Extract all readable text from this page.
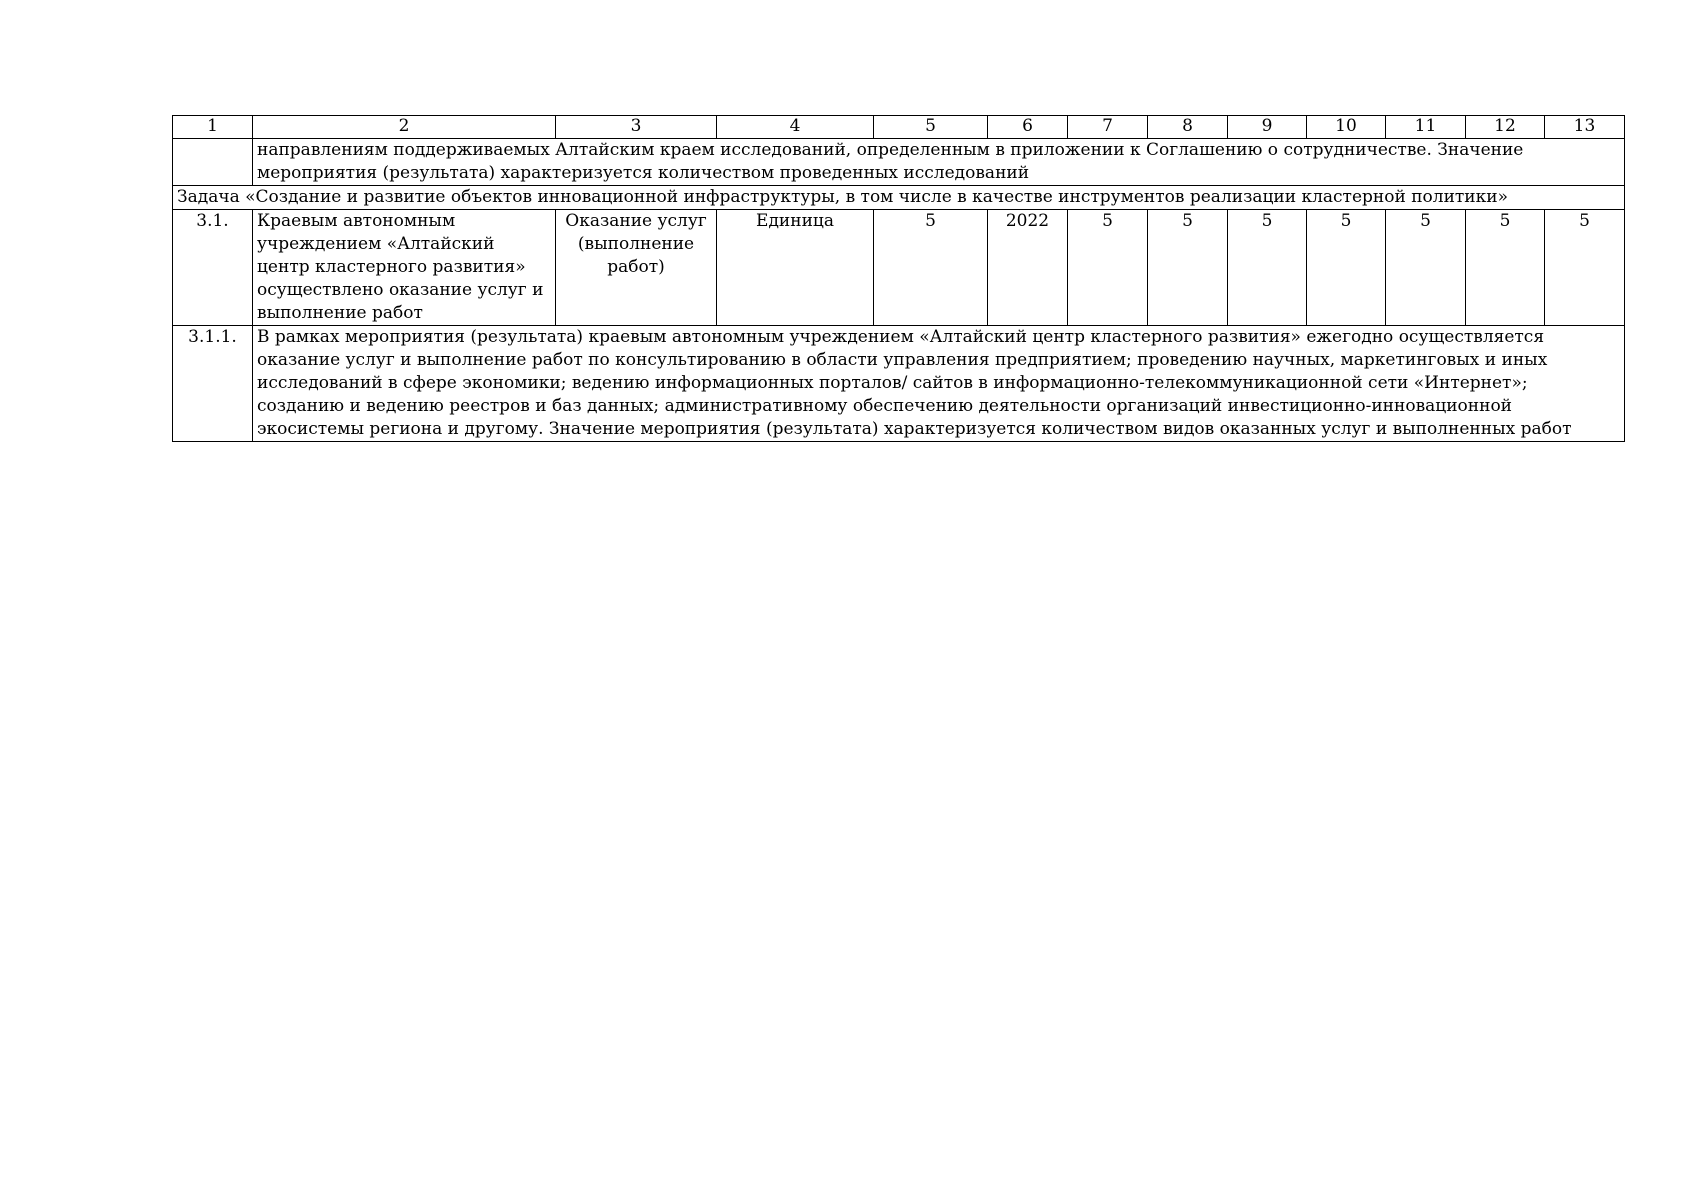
1	2	3	4	5	6	7	8	9	10	11	12	13
	направлениям поддерживаемых Алтайским краем исследований, определенным в приложении к Соглашению о сотрудничестве. Значение мероприятия (результата) характеризуется количеством проведенных исследований											
Задача «Создание и развитие объектов инновационной инфраструктуры, в том числе в качестве инструментов реализации кластерной политики»												
3.1.	Краевым автономным учреждением «Алтайский центр кластерного развития» осуществлено оказание услуг и выполнение работ	Оказание услуг (выполнение работ)	Единица	5	2022	5	5	5	5	5	5	5
3.1.1.	В рамках мероприятия (результата) краевым автономным учреждением «Алтайский центр кластерного развития» ежегодно осуществляется оказание услуг и выполнение работ по консультированию в области управления предприятием; проведению научных, маркетинговых и иных исследований в сфере экономики; ведению информационных порталов/ сайтов в информационно-телекоммуникационной сети «Интернет»; созданию и ведению реестров и баз данных; административному обеспечению деятельности организаций инвестиционно-инновационной экосистемы региона и другому. Значение мероприятия (результата) характеризуется количеством видов оказанных услуг и выполненных работ											
